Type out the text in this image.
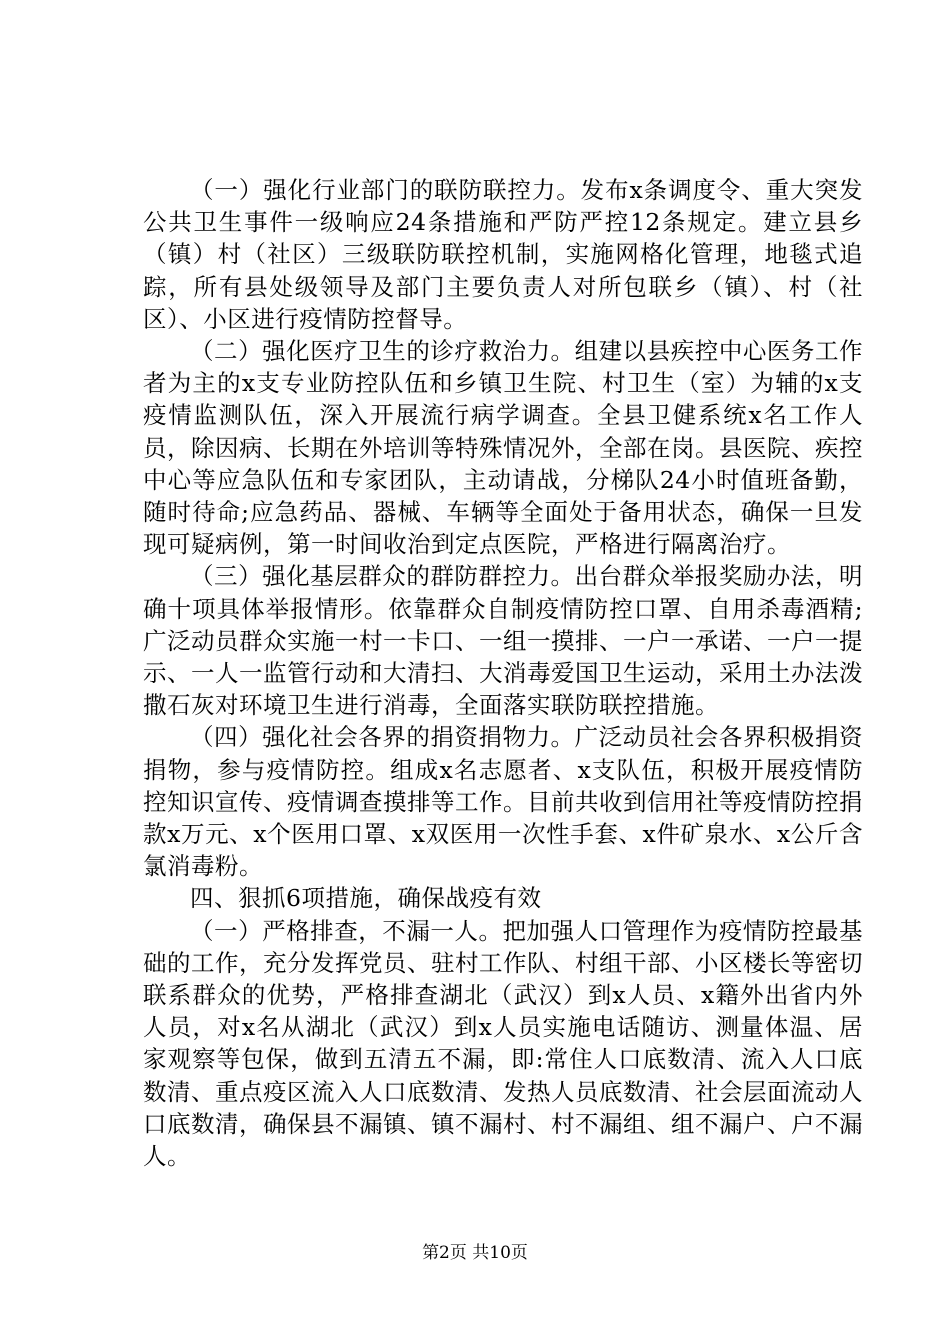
（一）强化行业部门的联防联控力。发布x条调度令、重大突发公共卫生事件一级响应24条措施和严防严控12条规定。建立县乡（镇）村（社区）三级联防联控机制，实施网格化管理，地毯式追踪，所有县处级领导及部门主要负责人对所包联乡（镇）、村（社区）、小区进行疫情防控督导。

（二）强化医疗卫生的诊疗救治力。组建以县疾控中心医务工作者为主的x支专业防控队伍和乡镇卫生院、村卫生（室）为辅的x支疫情监测队伍，深入开展流行病学调查。全县卫健系统x名工作人员，除因病、长期在外培训等特殊情况外，全部在岗。县医院、疾控中心等应急队伍和专家团队，主动请战，分梯队24小时值班备勤，随时待命;应急药品、器械、车辆等全面处于备用状态，确保一旦发现可疑病例，第一时间收治到定点医院，严格进行隔离治疗。

（三）强化基层群众的群防群控力。出台群众举报奖励办法，明确十项具体举报情形。依靠群众自制疫情防控口罩、自用杀毒酒精;广泛动员群众实施一村一卡口、一组一摸排、一户一承诺、一户一提示、一人一监管行动和大清扫、大消毒爱国卫生运动，采用土办法泼撒石灰对环境卫生进行消毒，全面落实联防联控措施。

（四）强化社会各界的捐资捐物力。广泛动员社会各界积极捐资捐物，参与疫情防控。组成x名志愿者、x支队伍，积极开展疫情防控知识宣传、疫情调查摸排等工作。目前共收到信用社等疫情防控捐款x万元、x个医用口罩、x双医用一次性手套、x件矿泉水、x公斤含氯消毒粉。

四、狠抓6项措施，确保战疫有效

（一）严格排查，不漏一人。把加强人口管理作为疫情防控最基础的工作，充分发挥党员、驻村工作队、村组干部、小区楼长等密切联系群众的优势，严格排查湖北（武汉）到x人员、x籍外出省内外人员，对x名从湖北（武汉）到x人员实施电话随访、测量体温、居家观察等包保，做到五清五不漏，即:常住人口底数清、流入人口底数清、重点疫区流入人口底数清、发热人员底数清、社会层面流动人口底数清，确保县不漏镇、镇不漏村、村不漏组、组不漏户、户不漏人。

第2页 共10页
